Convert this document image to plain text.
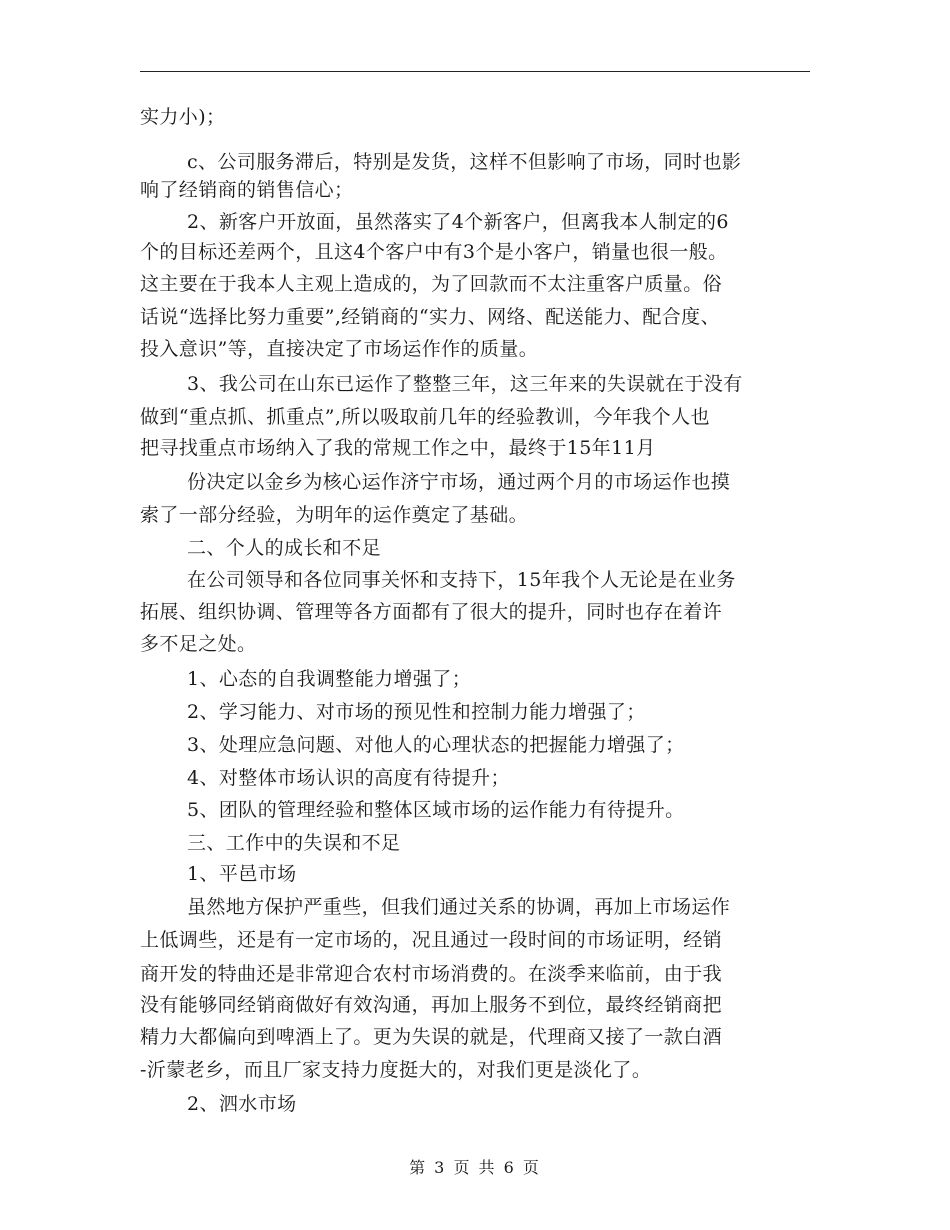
实力小)；
c、公司服务滞后，特别是发货，这样不但影响了市场，同时也影
响了经销商的销售信心；
2、新客户开放面，虽然落实了4个新客户，但离我本人制定的6
个的目标还差两个，且这4个客户中有3个是小客户，销量也很一般。
这主要在于我本人主观上造成的，为了回款而不太注重客户质量。俗
话说“选择比努力重要”,经销商的“实力、网络、配送能力、配合度、
投入意识”等，直接决定了市场运作作的质量。
3、我公司在山东已运作了整整三年，这三年来的失误就在于没有
做到“重点抓、抓重点”,所以吸取前几年的经验教训，今年我个人也
把寻找重点市场纳入了我的常规工作之中，最终于15年11月
份决定以金乡为核心运作济宁市场，通过两个月的市场运作也摸
索了一部分经验，为明年的运作奠定了基础。
二、个人的成长和不足
在公司领导和各位同事关怀和支持下，15年我个人无论是在业务
拓展、组织协调、管理等各方面都有了很大的提升，同时也存在着许
多不足之处。
1、心态的自我调整能力增强了；
2、学习能力、对市场的预见性和控制力能力增强了；
3、处理应急问题、对他人的心理状态的把握能力增强了；
4、对整体市场认识的高度有待提升；
5、团队的管理经验和整体区域市场的运作能力有待提升。
三、工作中的失误和不足
1、平邑市场
虽然地方保护严重些，但我们通过关系的协调，再加上市场运作
上低调些，还是有一定市场的，况且通过一段时间的市场证明，经销
商开发的特曲还是非常迎合农村市场消费的。在淡季来临前，由于我
没有能够同经销商做好有效沟通，再加上服务不到位，最终经销商把
精力大都偏向到啤酒上了。更为失误的就是，代理商又接了一款白酒
-沂蒙老乡，而且厂家支持力度挺大的，对我们更是淡化了。
2、泗水市场
第 3 页 共 6 页
